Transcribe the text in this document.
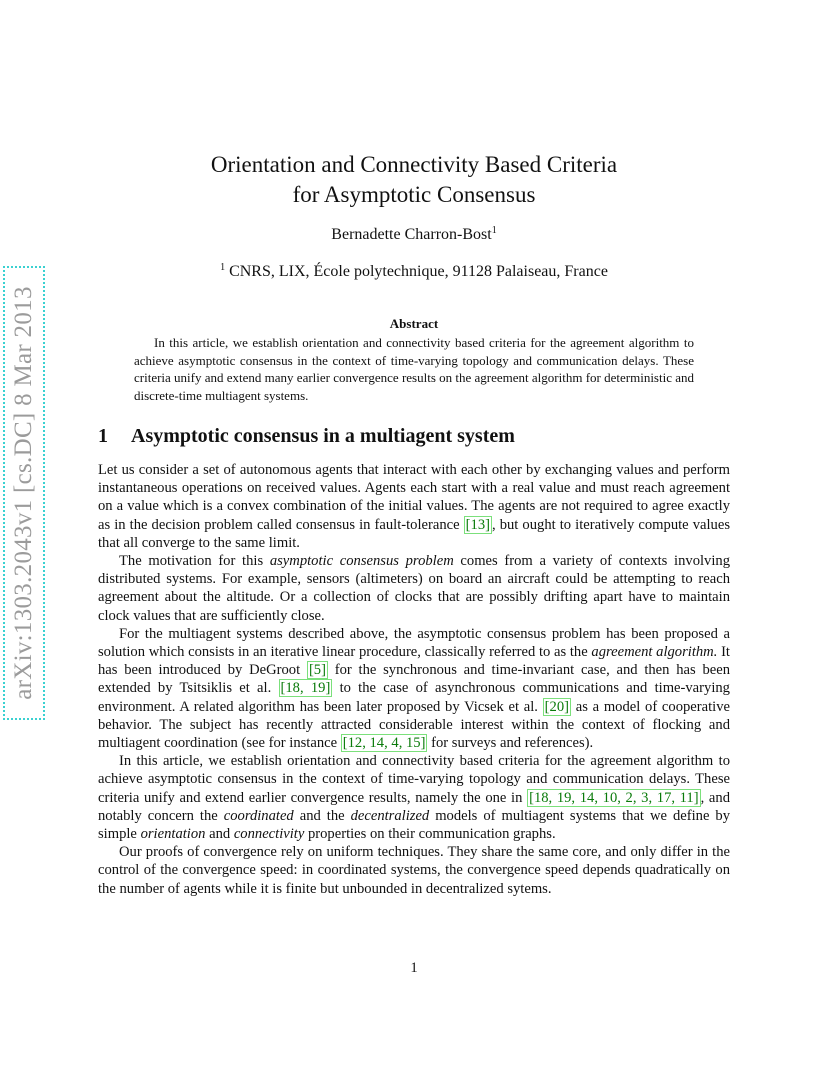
arXiv:1303.2043v1 [cs.DC] 8 Mar 2013
Orientation and Connectivity Based Criteria
for Asymptotic Consensus
Bernadette Charron-Bost$^1$
$^1$ CNRS, LIX, École polytechnique, 91128 Palaiseau, France
Abstract
In this article, we establish orientation and connectivity based criteria for the agreement algorithm to achieve asymptotic consensus in the context of time-varying topology and communication delays. These criteria unify and extend many earlier convergence results on the agreement algorithm for deterministic and discrete-time multiagent systems.
1 Asymptotic consensus in a multiagent system

Let us consider a set of autonomous agents that interact with each other by exchanging values and perform instantaneous operations on received values. Agents each start with a real value and must reach agreement on a value which is a convex combination of the initial values. The agents are not required to agree exactly as in the decision problem called consensus in fault-tolerance [13] , but ought to iteratively compute values that all converge to the same limit.

The motivation for this asymptotic consensus problem comes from a variety of contexts involving distributed systems. For example, sensors (altimeters) on board an aircraft could be attempting to reach agreement about the altitude. Or a collection of clocks that are possibly drifting apart have to maintain clock values that are sufficiently close.

For the multiagent systems described above, the asymptotic consensus problem has been proposed a solution which consists in an iterative linear procedure, classically referred to as the agreement algorithm. It has been introduced by DeGroot [5] for the synchronous and time-invariant case, and then has been extended by Tsitsiklis et al. [18, 19] to the case of asynchronous communications and time-varying environment. A related algorithm has been later proposed by Vicsek et al. [20] as a model of cooperative behavior. The subject has recently attracted considerable interest within the context of flocking and multiagent coordination (see for instance [12, 14, 4, 15] for surveys and references).

In this article, we establish orientation and connectivity based criteria for the agreement algorithm to achieve asymptotic consensus in the context of time-varying topology and communication delays. These criteria unify and extend earlier convergence results, namely the one in [18, 19, 14, 10, 2, 3, 17, 11] , and notably concern the coordinated and the decentralized models of multiagent systems that we define by simple orientation and connectivity properties on their communication graphs.

Our proofs of convergence rely on uniform techniques. They share the same core, and only differ in the control of the convergence speed: in coordinated systems, the convergence speed depends quadratically on the number of agents while it is finite but unbounded in decentralized sytems.

1
